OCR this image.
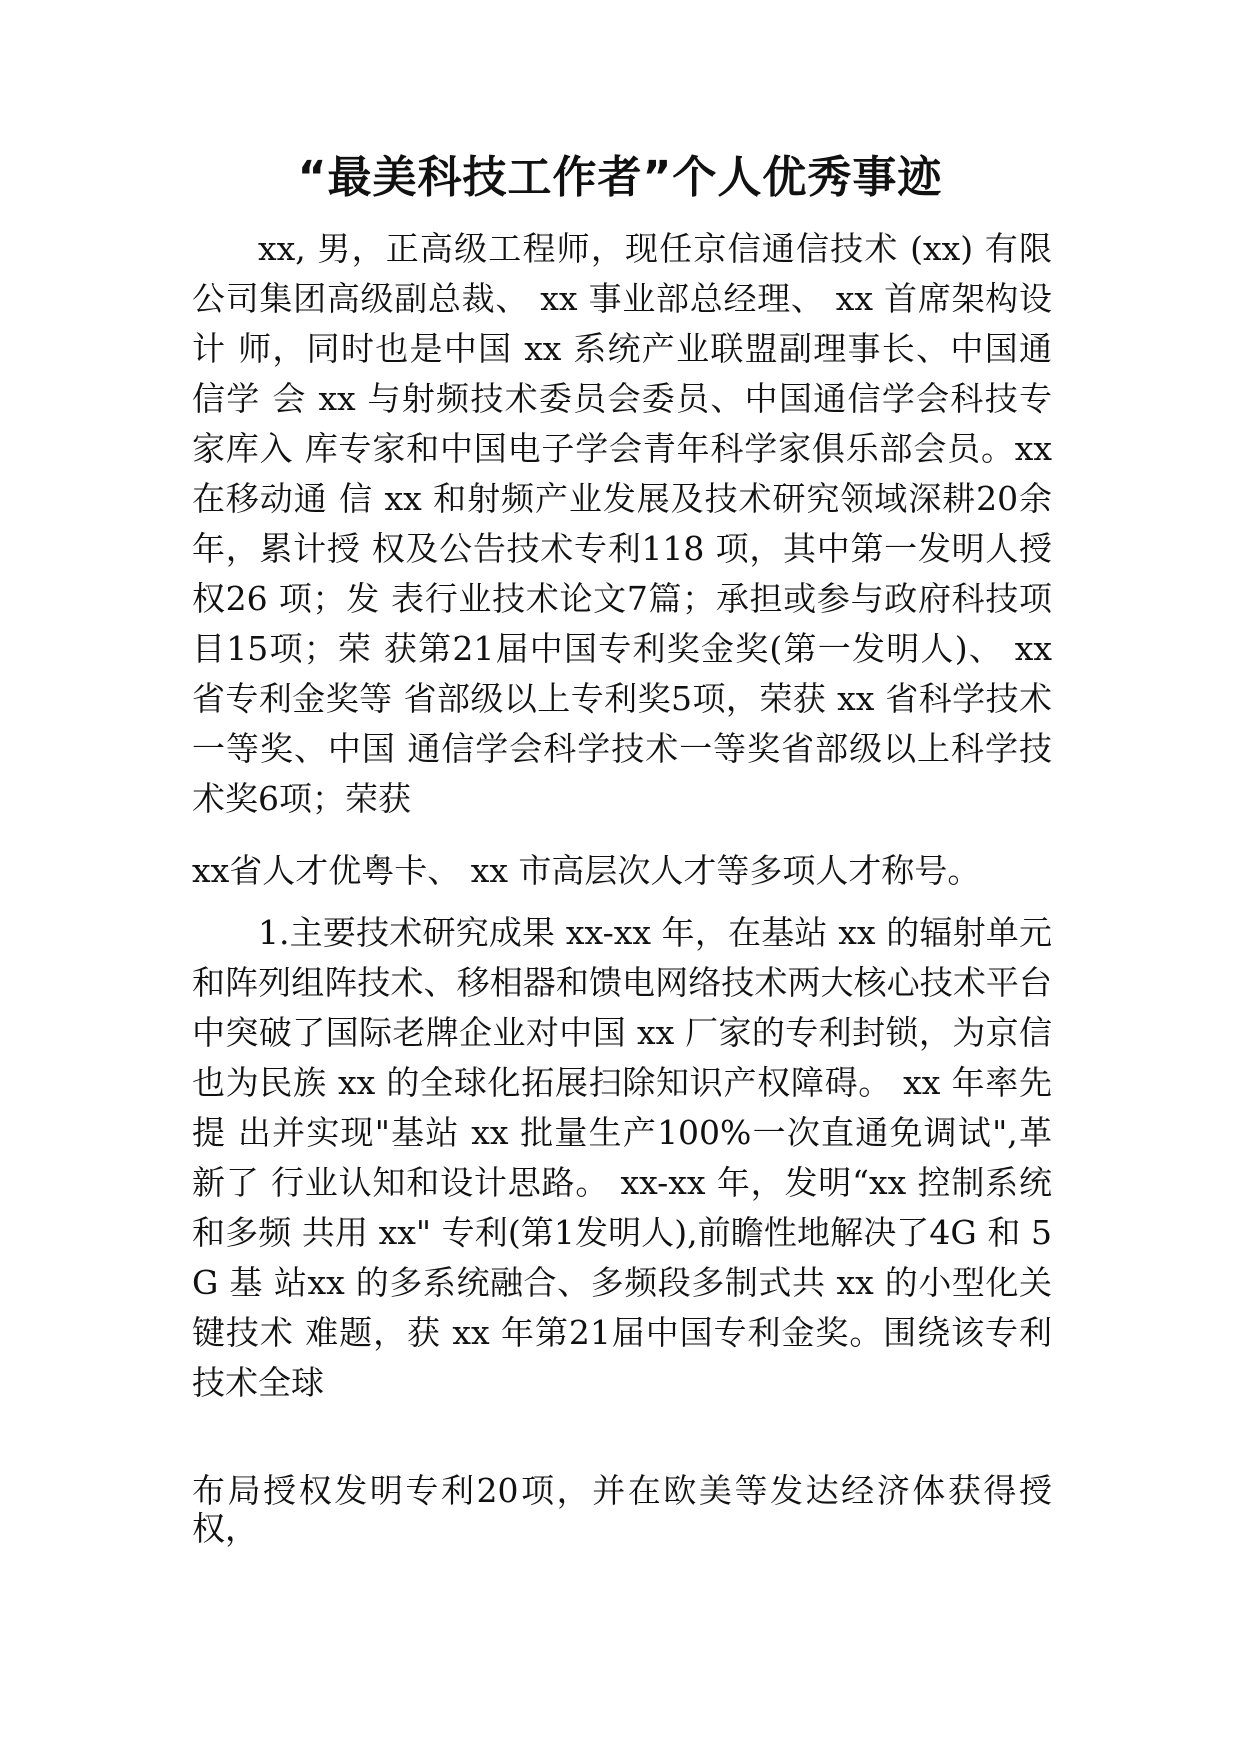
“最美科技工作者”个人优秀事迹
xx, 男，正高级工程师，现任京信通信技术 (xx) 有限 公司集团高级副总裁、 xx 事业部总经理、 xx 首席架构设计 师，同时也是中国 xx 系统产业联盟副理事长、中国通信学 会 xx 与射频技术委员会委员、中国通信学会科技专家库入 库专家和中国电子学会青年科学家俱乐部会员。xx 在移动通 信 xx 和射频产业发展及技术研究领域深耕20余年，累计授 权及公告技术专利118 项，其中第一发明人授权26 项；发 表行业技术论文7篇；承担或参与政府科技项目15项；荣 获第21届中国专利奖金奖(第一发明人)、 xx 省专利金奖等 省部级以上专利奖5项，荣获 xx 省科学技术一等奖、中国 通信学会科学技术一等奖省部级以上科学技术奖6项；荣获
xx省人才优粤卡、 xx 市高层次人才等多项人才称号。
1.主要技术研究成果 xx-xx 年，在基站 xx 的辐射单元 和阵列组阵技术、移相器和馈电网络技术两大核心技术平台 中突破了国际老牌企业对中国 xx 厂家的专利封锁，为京信 也为民族 xx 的全球化拓展扫除知识产权障碍。 xx 年率先提 出并实现"基站 xx 批量生产100%一次直通免调试",革新了 行业认知和设计思路。 xx-xx 年，发明“xx 控制系统和多频 共用 xx" 专利(第1发明人),前瞻性地解决了4G 和 5G 基 站xx 的多系统融合、多频段多制式共 xx 的小型化关键技术 难题，获 xx 年第21届中国专利金奖。围绕该专利技术全球
布局授权发明专利20项，并在欧美等发达经济体获得授权，
